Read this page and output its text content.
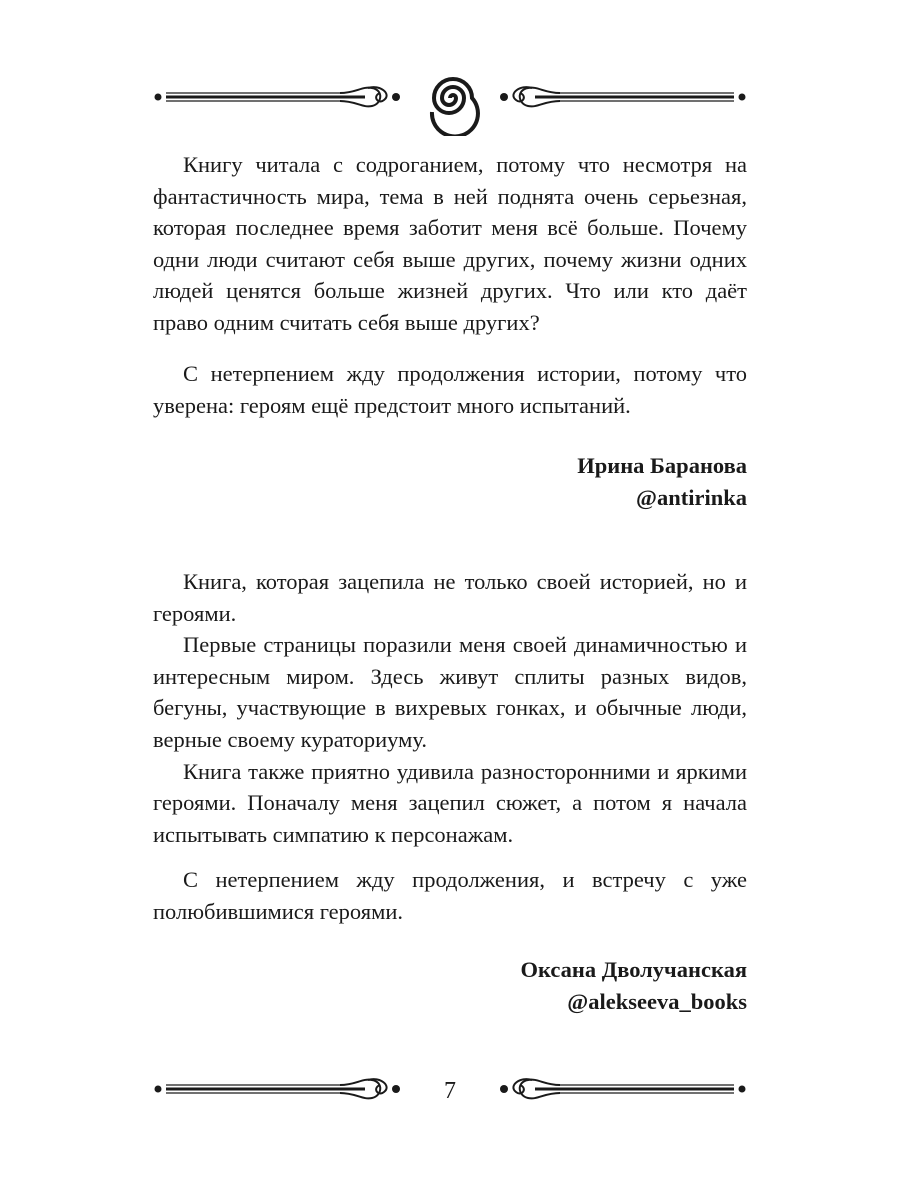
Книгу читала с содроганием, потому что несмотря на фантастичность мира, тема в ней поднята очень серьезная, которая последнее время заботит меня всё больше. Почему одни люди считают себя выше других, почему жизни одних людей ценятся больше жизней других. Что или кто даёт право одним считать себя выше других?

С нетерпением жду продолжения истории, потому что уверена: героям ещё предстоит много испытаний.

Ирина Баранова

@antirinka

Книга, которая зацепила не только своей историей, но и героями.

Первые страницы поразили меня своей динамичностью и интересным миром. Здесь живут сплиты разных видов, бегуны, участвующие в вихревых гонках, и обычные люди, верные своему кураториуму.

Книга также приятно удивила разносторонними и яркими героями. Поначалу меня зацепил сюжет, а потом я начала испытывать симпатию к персонажам.

С нетерпением жду продолжения, и встречу с уже полюбившимися героями.

Оксана Дволучанская

@alekseeva_books

7
